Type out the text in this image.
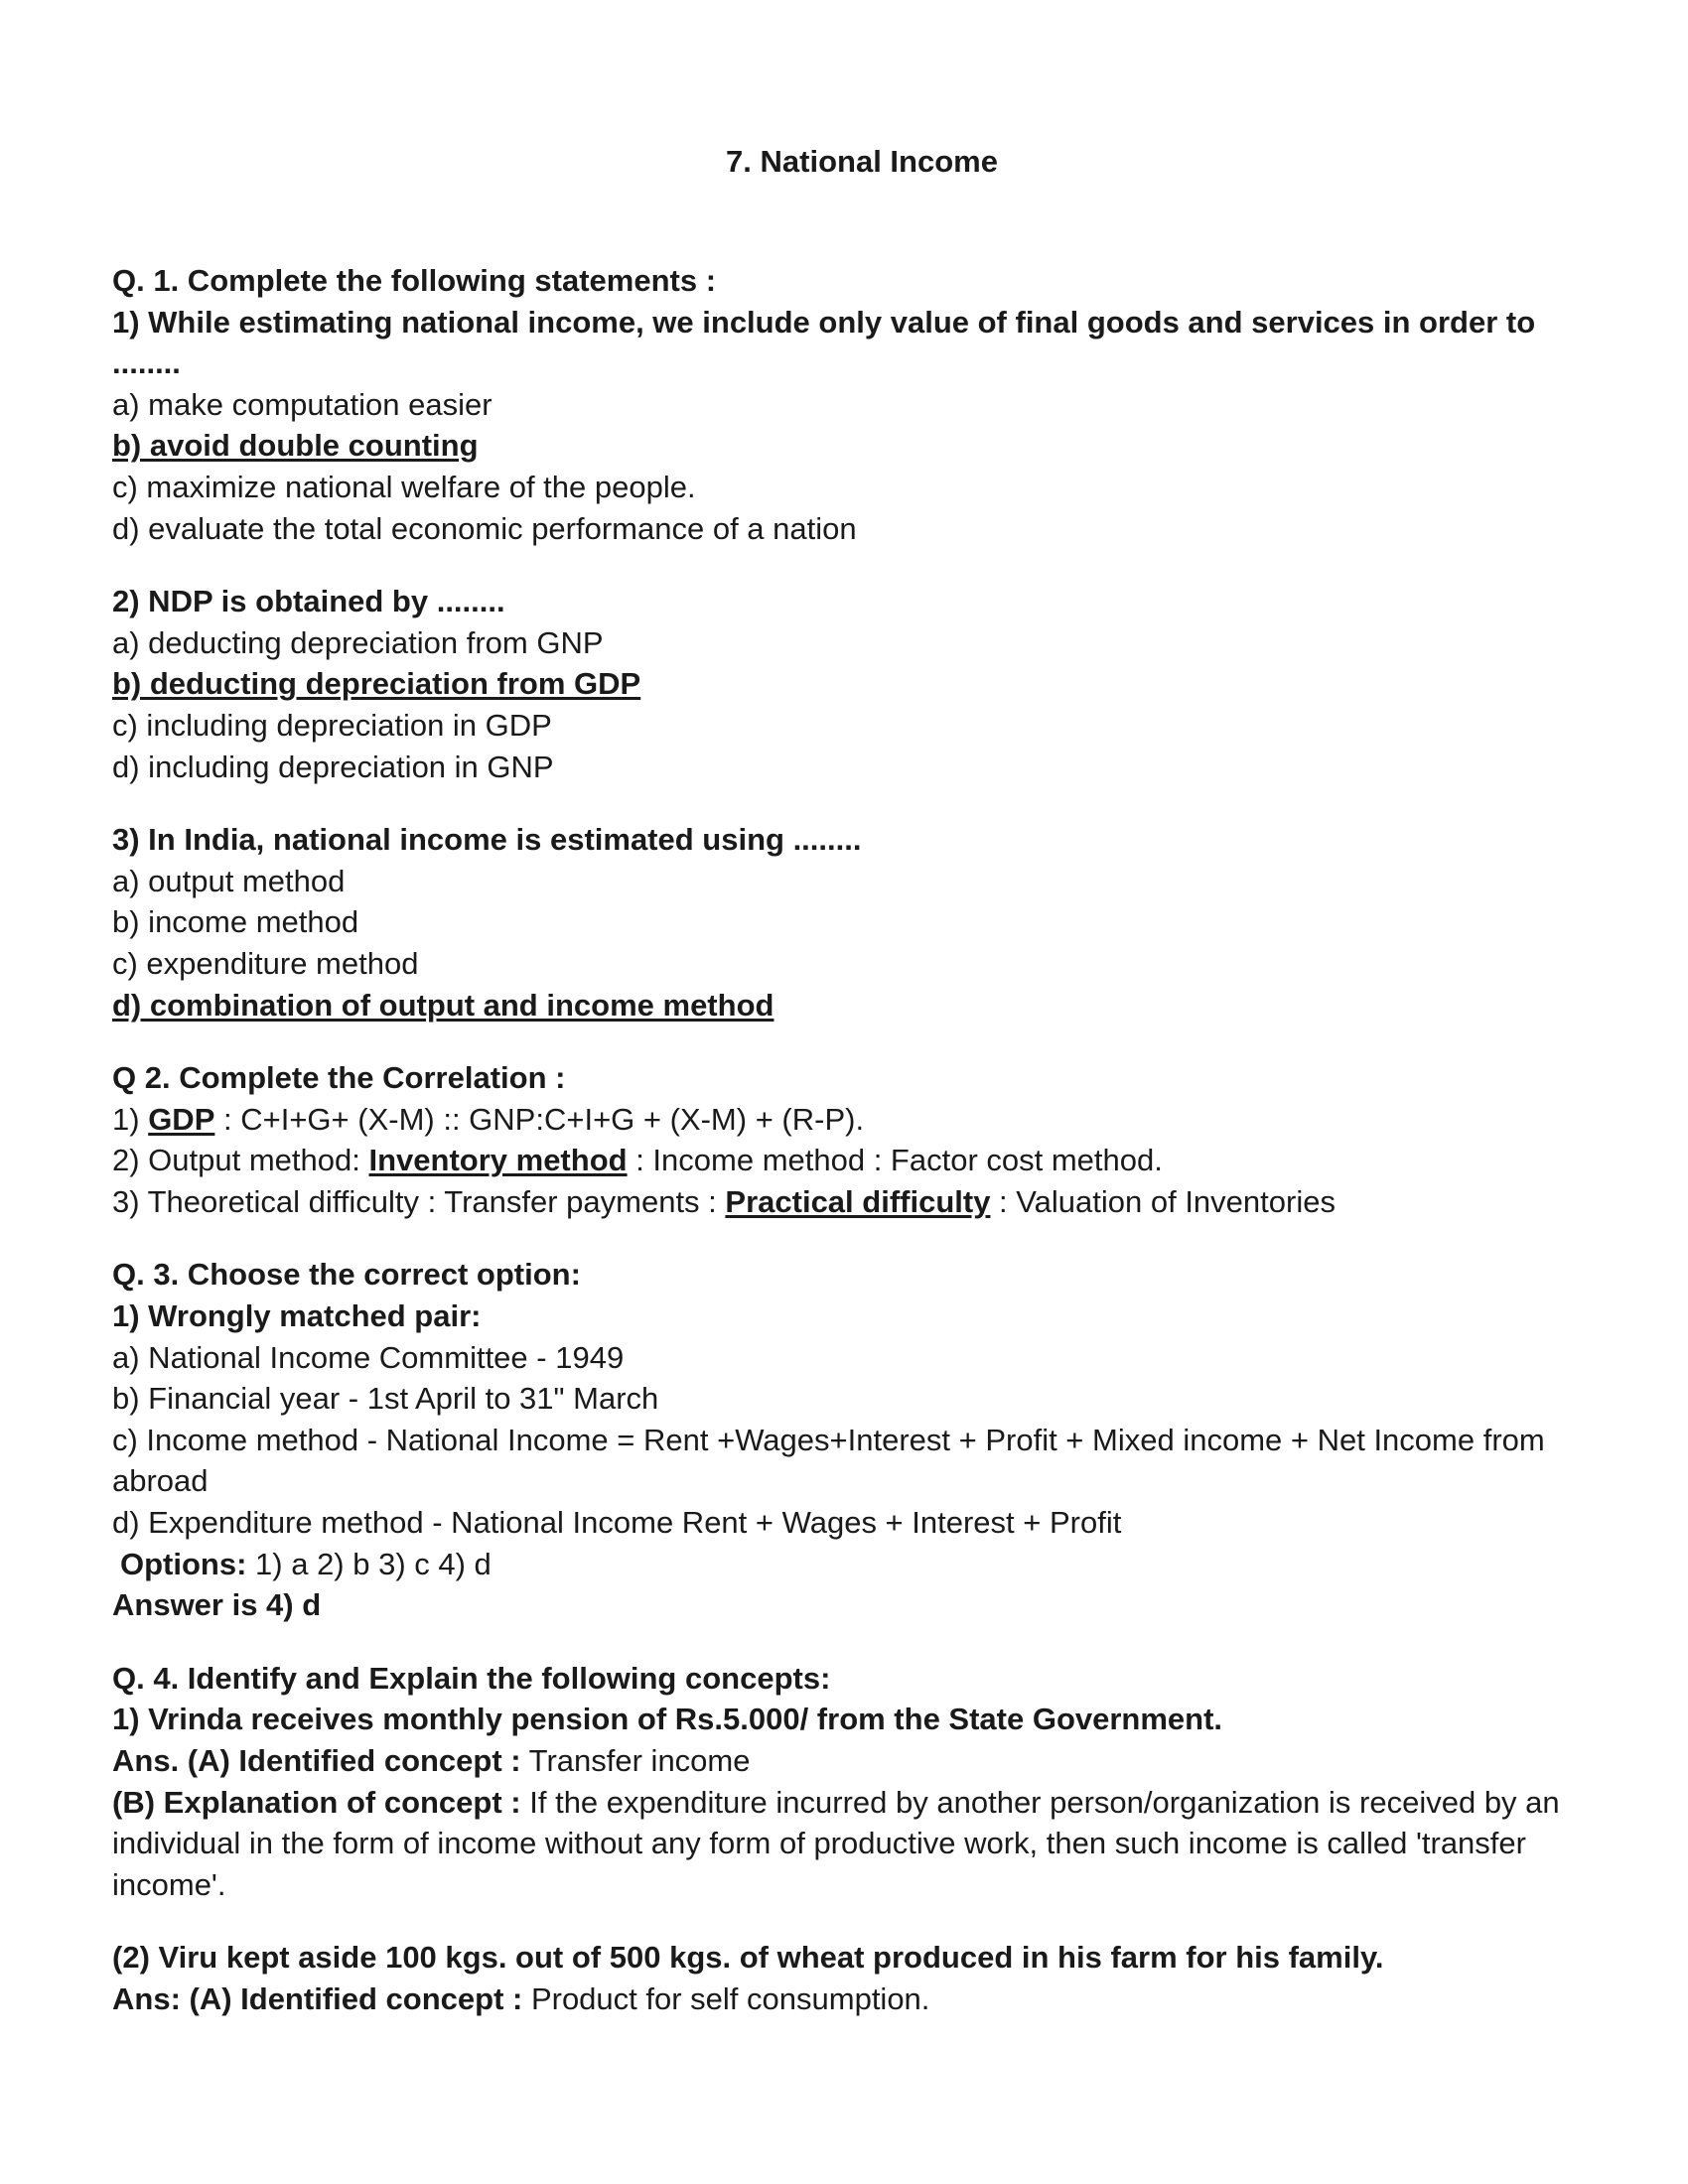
7. National Income
Q. 1. Complete the following statements :
1) While estimating national income, we include only value of final goods and services in order to ........
a) make computation easier
b) avoid double counting
c) maximize national welfare of the people.
d) evaluate the total economic performance of a nation
2) NDP is obtained by ........
a) deducting depreciation from GNP
b) deducting depreciation from GDP
c) including depreciation in GDP
d) including depreciation in GNP
3) In India, national income is estimated using ........
a) output method
b) income method
c) expenditure method
d) combination of output and income method
Q 2. Complete the Correlation :
1) GDP : C+I+G+ (X-M) :: GNP:C+I+G + (X-M) + (R-P).
2) Output method: Inventory method : Income method : Factor cost method.
3) Theoretical difficulty : Transfer payments : Practical difficulty : Valuation of Inventories
Q. 3. Choose the correct option:
1) Wrongly matched pair:
a) National Income Committee - 1949
b) Financial year - 1st April to 31" March
c) Income method - National Income = Rent +Wages+Interest + Profit + Mixed income + Net Income from abroad
d) Expenditure method - National Income Rent + Wages + Interest + Profit
Options: 1) a 2) b 3) c 4) d
Answer is 4) d
Q. 4. Identify and Explain the following concepts:
1) Vrinda receives monthly pension of Rs.5.000/ from the State Government.
Ans. (A) Identified concept : Transfer income
(B) Explanation of concept : If the expenditure incurred by another person/organization is received by an individual in the form of income without any form of productive work, then such income is called 'transfer income'.
(2) Viru kept aside 100 kgs. out of 500 kgs. of wheat produced in his farm for his family.
Ans: (A) Identified concept : Product for self consumption.
